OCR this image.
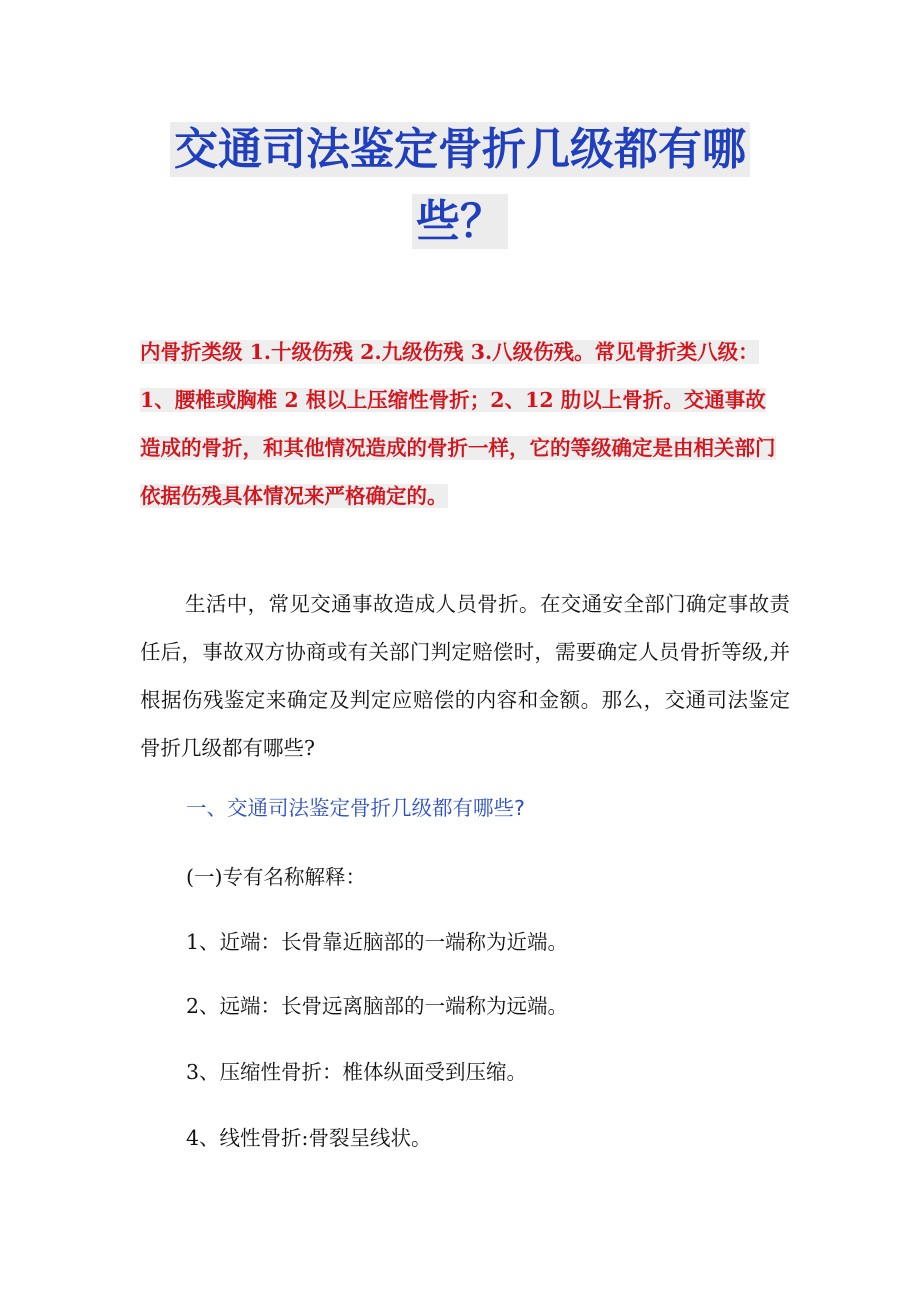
交通司法鉴定骨折几级都有哪
些？

内骨折类级 1.十级伤残 2.九级伤残 3.八级伤残。常见骨折类八级：1、腰椎或胸椎 2 根以上压缩性骨折；2、12 肋以上骨折。交通事故造成的骨折，和其他情况造成的骨折一样，它的等级确定是由相关部门依据伤残具体情况来严格确定的。

生活中，常见交通事故造成人员骨折。在交通安全部门确定事故责任后，事故双方协商或有关部门判定赔偿时，需要确定人员骨折等级,并根据伤残鉴定来确定及判定应赔偿的内容和金额。那么，交通司法鉴定骨折几级都有哪些?

一、交通司法鉴定骨折几级都有哪些?

(一)专有名称解释：

1、近端：长骨靠近脑部的一端称为近端。

2、远端：长骨远离脑部的一端称为远端。

3、压缩性骨折：椎体纵面受到压缩。

4、线性骨折:骨裂呈线状。
